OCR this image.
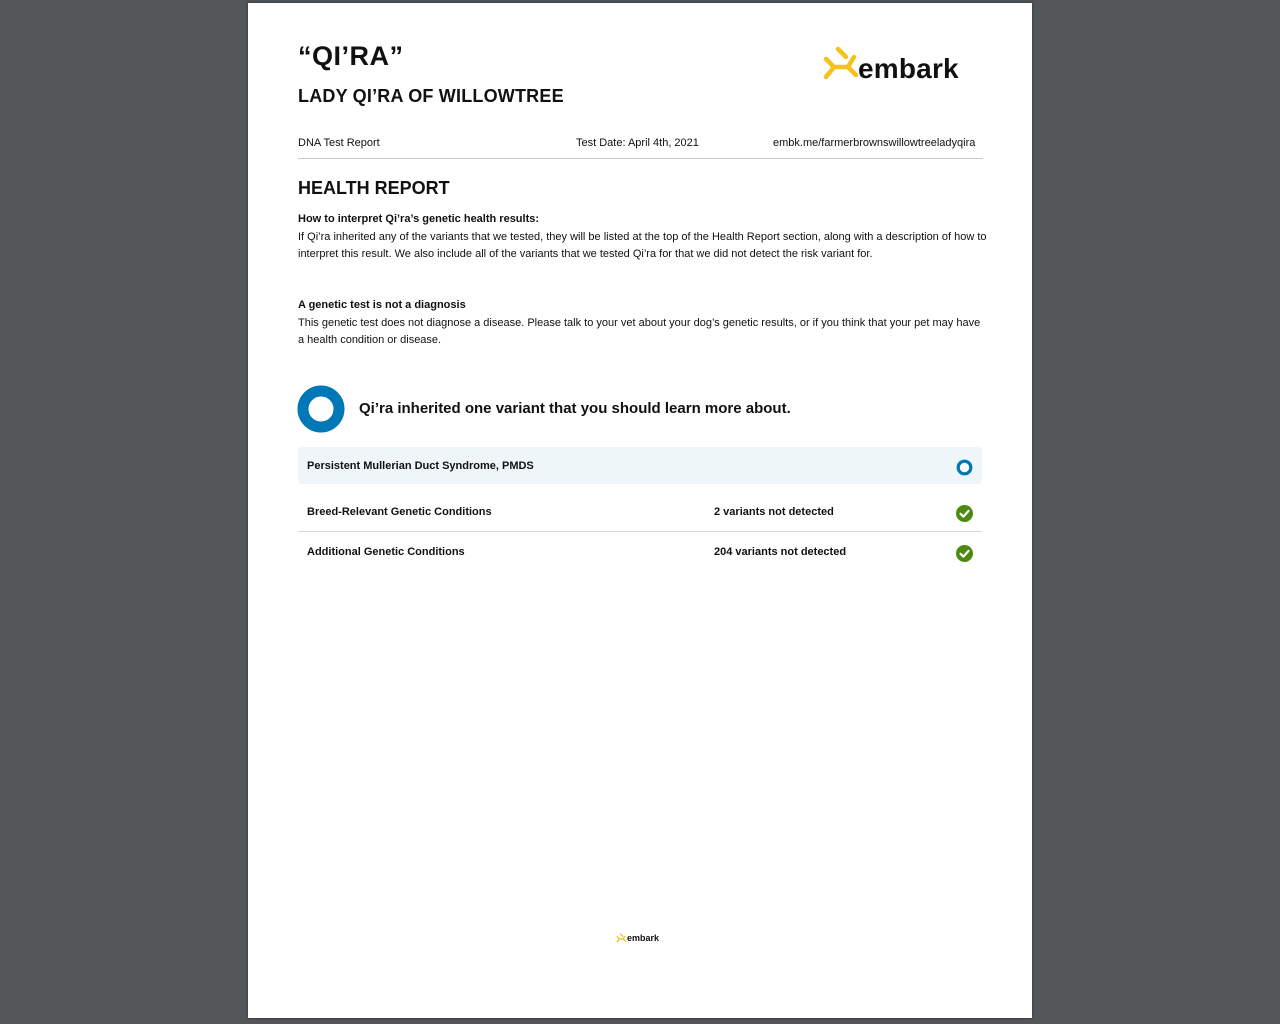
“QI’RA”
LADY QI’RA OF WILLOWTREE
embark
DNA Test Report	Test Date: April 4th, 2021	embk.me/farmerbrownswillowtreeladyqira
HEALTH REPORT
How to interpret Qi’ra’s genetic health results:
If Qi’ra inherited any of the variants that we tested, they will be listed at the top of the Health Report section, along with a description of how to interpret this result. We also include all of the variants that we tested Qi’ra for that we did not detect the risk variant for.
A genetic test is not a diagnosis
This genetic test does not diagnose a disease. Please talk to your vet about your dog’s genetic results, or if you think that your pet may have a health condition or disease.
Qi’ra inherited one variant that you should learn more about.
Persistent Mullerian Duct Syndrome, PMDS
Breed-Relevant Genetic Conditions	2 variants not detected
Additional Genetic Conditions	204 variants not detected
embark
